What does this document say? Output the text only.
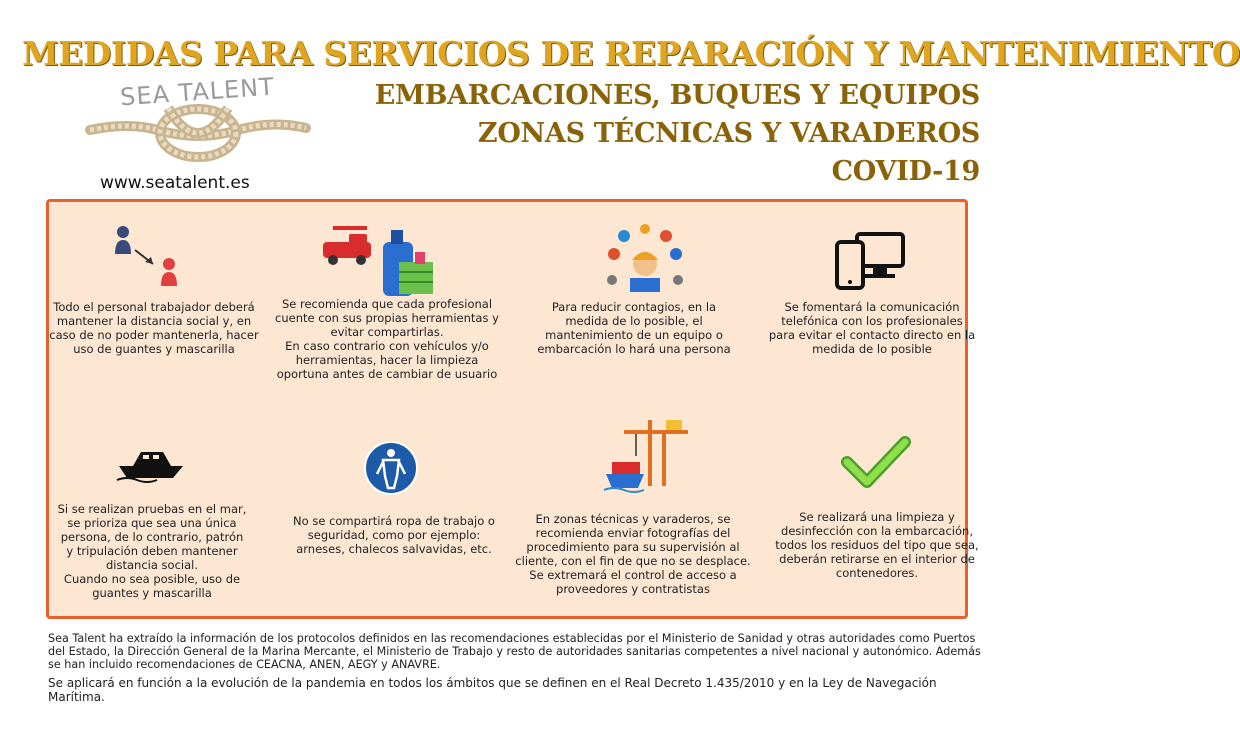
MEDIDAS PARA SERVICIOS DE REPARACIÓN Y MANTENIMIENTO
EMBARCACIONES, BUQUES Y EQUIPOS
ZONAS TÉCNICAS Y VARADEROS
COVID-19
SEA TALENT
www.seatalent.es
Todo el personal trabajador deberá mantener la distancia social y, en caso de no poder mantenerla, hacer uso de guantes y mascarilla
Se recomienda que cada profesional cuente con sus propias herramientas y evitar compartirlas.
En caso contrario con vehículos y/o herramientas, hacer la limpieza oportuna antes de cambiar de usuario
Para reducir contagios, en la medida de lo posible, el mantenimiento de un equipo o embarcación lo hará una persona
Se fomentará la comunicación telefónica con los profesionales para evitar el contacto directo en la medida de lo posible
Si se realizan pruebas en el mar, se prioriza que sea una única persona, de lo contrario, patrón y tripulación deben mantener distancia social.
Cuando no sea posible, uso de guantes y mascarilla
No se compartirá ropa de trabajo o seguridad, como por ejemplo: arneses, chalecos salvavidas, etc.
En zonas técnicas y varaderos, se recomienda enviar fotografías del procedimiento para su supervisión al cliente, con el fin de que no se desplace.
Se extremará el control de acceso a proveedores y contratistas
Se realizará una limpieza y desinfección con la embarcación, todos los residuos del tipo que sea, deberán retirarse en el interior de contenedores.
Sea Talent ha extraído la información de los protocolos definidos en las recomendaciones establecidas por el Ministerio de Sanidad y otras autoridades como Puertos del Estado, la Dirección General de la Marina Mercante, el Ministerio de Trabajo y resto de autoridades sanitarias competentes a nivel nacional y autonómico. Además se han incluido recomendaciones de CEACNA, ANEN, AEGY y ANAVRE.
Se aplicará en función a la evolución de la pandemia en todos los ámbitos que se definen en el Real Decreto 1.435/2010 y en la Ley de Navegación Marítima.
